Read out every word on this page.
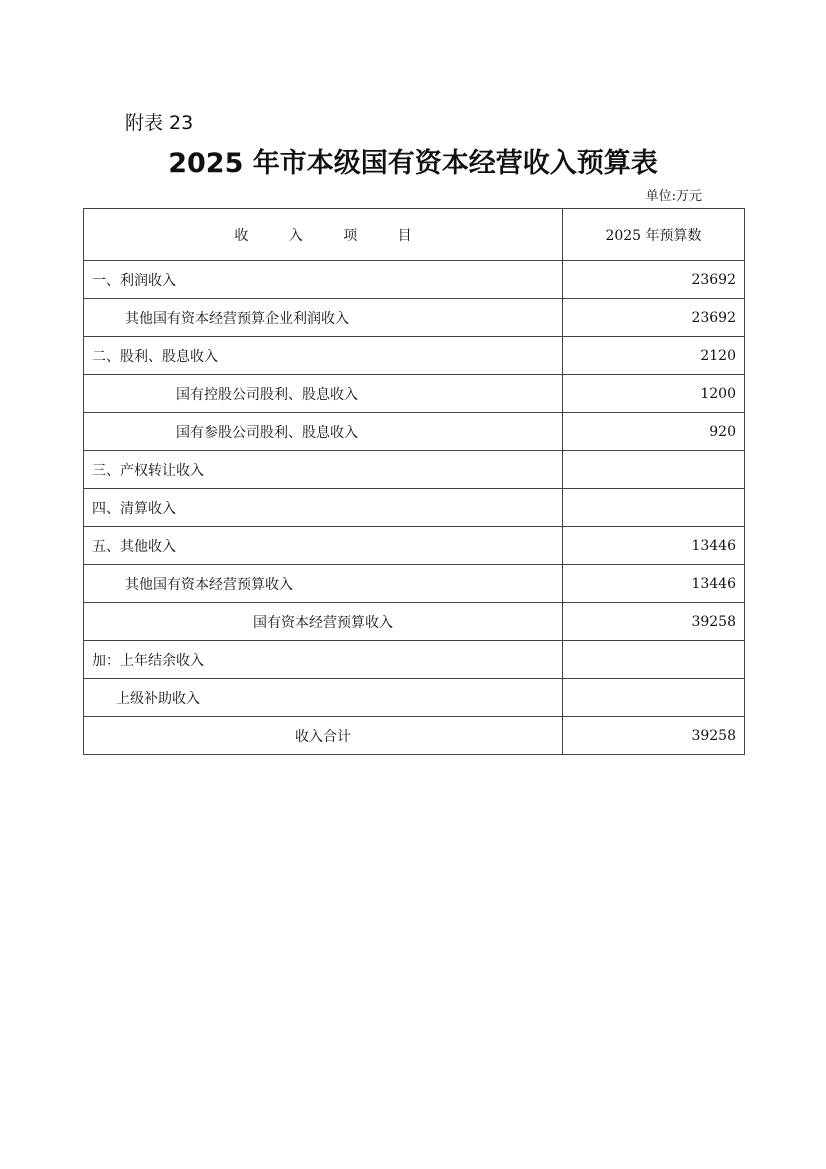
附表 23
2025 年市本级国有资本经营收入预算表
单位:万元
收 入 项 目	2025 年预算数
一、利润收入	23692
其他国有资本经营预算企业利润收入	23692
二、股利、股息收入	2120
国有控股公司股利、股息收入	1200
国有参股公司股利、股息收入	920
三、产权转让收入	
四、清算收入	
五、其他收入	13446
其他国有资本经营预算收入	13446
国有资本经营预算收入	39258
加：上年结余收入	
上级补助收入	
收入合计	39258
